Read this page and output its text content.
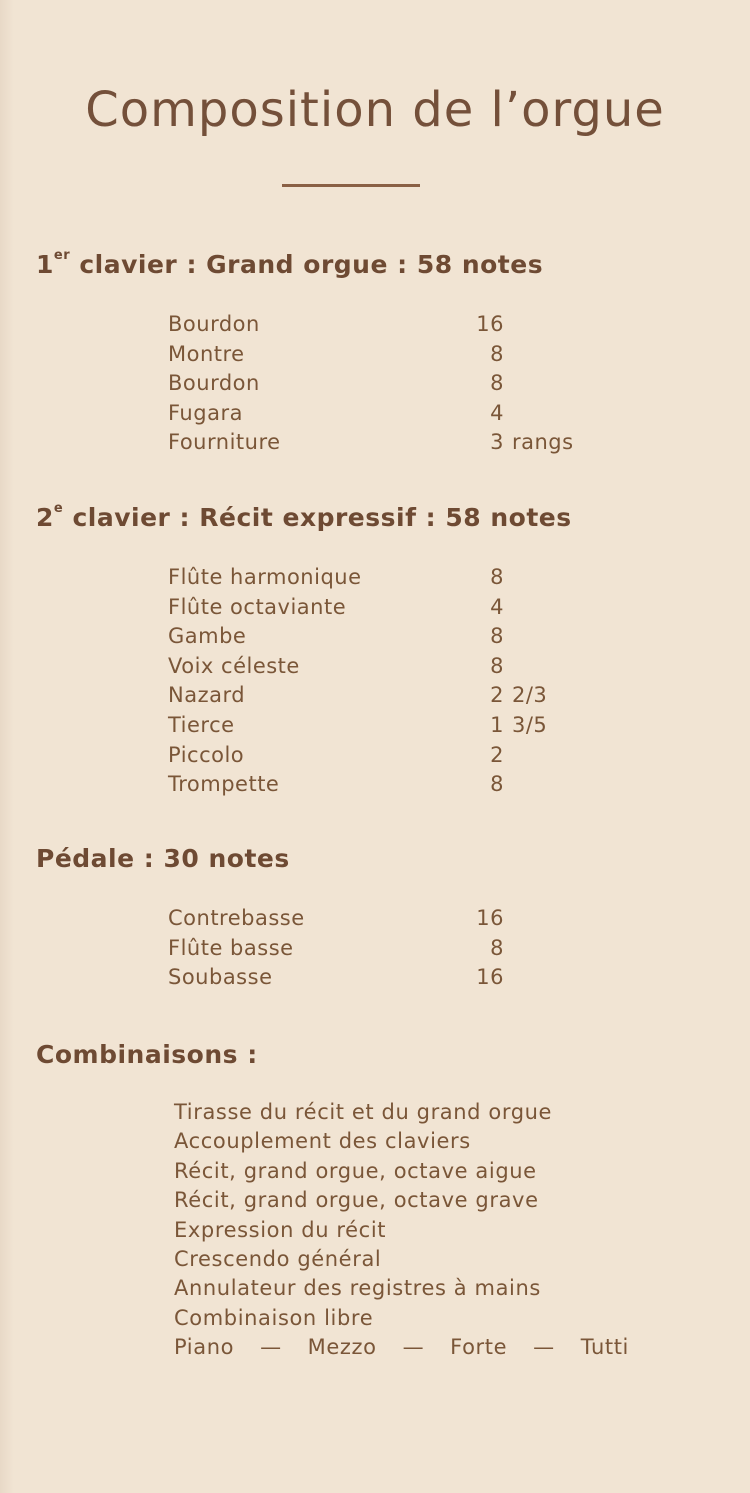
Composition de l’orgue
1er clavier : Grand orgue : 58 notes
Bourdon	16
Montre	8
Bourdon	8
Fugara	4
Fourniture	3 rangs
2e clavier : Récit expressif : 58 notes
Flûte harmonique	8
Flûte octaviante	4
Gambe	8
Voix céleste	8
Nazard	2 2/3
Tierce	1 3/5
Piccolo	2
Trompette	8
Pédale : 30 notes
Contrebasse	16
Flûte basse	8
Soubasse	16
Combinaisons :
Tirasse du récit et du grand orgue
Accouplement des claviers
Récit, grand orgue, octave aigue
Récit, grand orgue, octave grave
Expression du récit
Crescendo général
Annulateur des registres à mains
Combinaison libre
Piano — Mezzo — Forte — Tutti
